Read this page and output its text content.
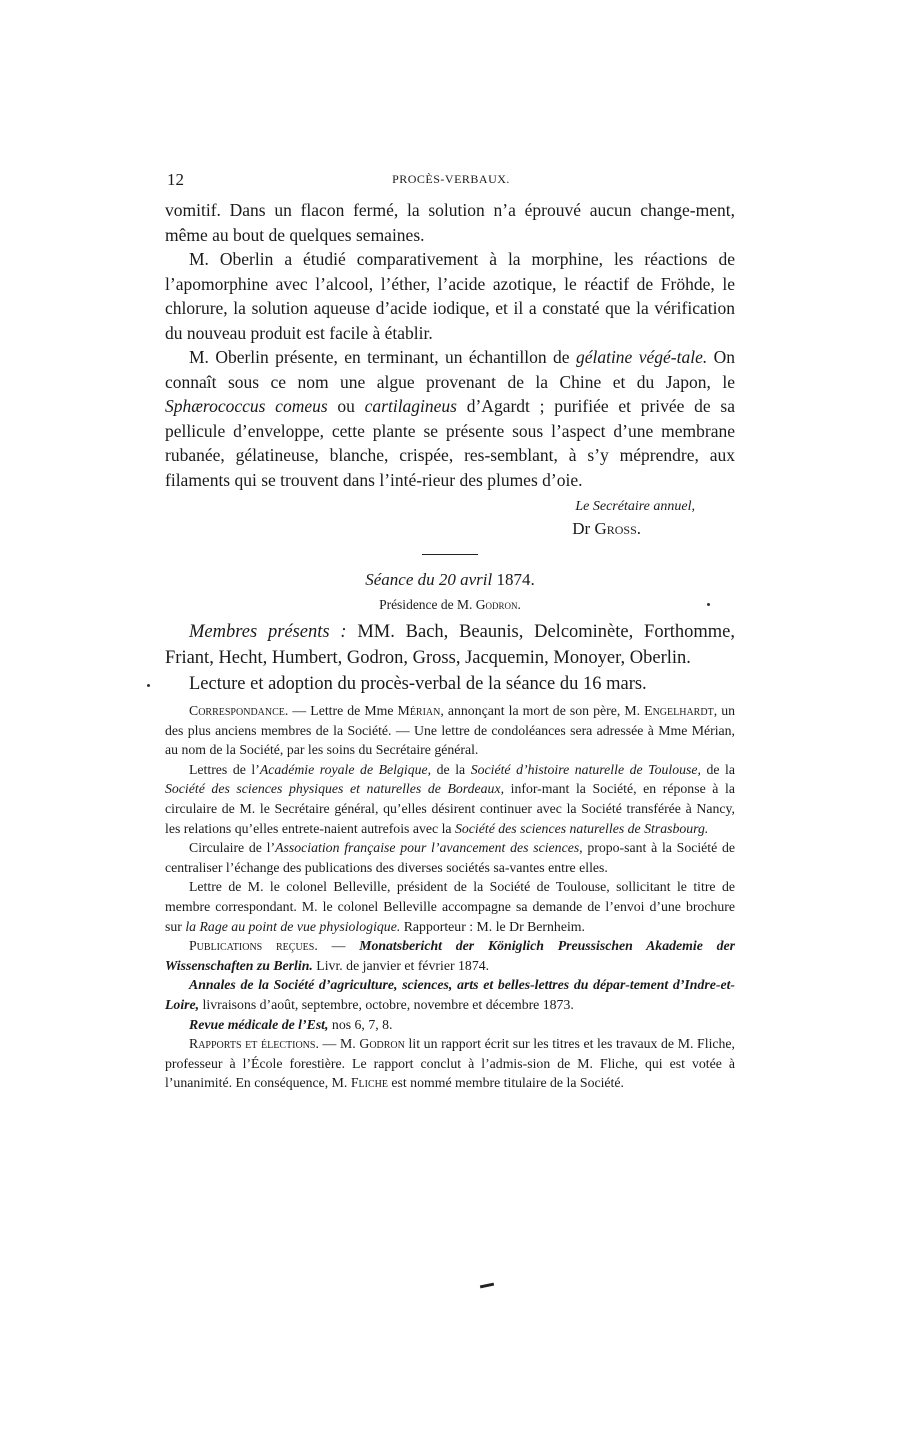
12	PROCÈS-VERBAUX.

vomitif. Dans un flacon fermé, la solution n’a éprouvé aucun change-ment, même au bout de quelques semaines.

M. Oberlin a étudié comparativement à la morphine, les réactions de l’apomorphine avec l’alcool, l’éther, l’acide azotique, le réactif de Fröhde, le chlorure, la solution aqueuse d’acide iodique, et il a constaté que la vérification du nouveau produit est facile à établir.

M. Oberlin présente, en terminant, un échantillon de gélatine végé-tale. On connaît sous ce nom une algue provenant de la Chine et du Japon, le Sphærococcus comeus ou cartilagineus d’Agardt ; purifiée et privée de sa pellicule d’enveloppe, cette plante se présente sous l’aspect d’une membrane rubanée, gélatineuse, blanche, crispée, res-semblant, à s’y méprendre, aux filaments qui se trouvent dans l’inté-rieur des plumes d’oie.

Le Secrétaire annuel,
Dr Gross.
Séance du 20 avril 1874.
Présidence de M. Godron.

Membres présents : MM. Bach, Beaunis, Delcominète, Forthomme, Friant, Hecht, Humbert, Godron, Gross, Jacquemin, Monoyer, Oberlin.

Lecture et adoption du procès-verbal de la séance du 16 mars.

Correspondance. — Lettre de Mme Mérian, annonçant la mort de son père, M. Engelhardt, un des plus anciens membres de la Société. — Une lettre de condoléances sera adressée à Mme Mérian, au nom de la Société, par les soins du Secrétaire général.

Lettres de l’Académie royale de Belgique, de la Société d’histoire naturelle de Toulouse, de la Société des sciences physiques et naturelles de Bordeaux, infor-mant la Société, en réponse à la circulaire de M. le Secrétaire général, qu’elles désirent continuer avec la Société transférée à Nancy, les relations qu’elles entrete-naient autrefois avec la Société des sciences naturelles de Strasbourg.

Circulaire de l’Association française pour l’avancement des sciences, propo-sant à la Société de centraliser l’échange des publications des diverses sociétés sa-vantes entre elles.

Lettre de M. le colonel Belleville, président de la Société de Toulouse, sollicitant le titre de membre correspondant. M. le colonel Belleville accompagne sa demande de l’envoi d’une brochure sur la Rage au point de vue physiologique. Rapporteur : M. le Dr Bernheim.

Publications reçues. — Monatsbericht der Königlich Preussischen Akademie der Wissenschaften zu Berlin. Livr. de janvier et février 1874.

Annales de la Société d’agriculture, sciences, arts et belles-lettres du dépar-tement d’Indre-et-Loire, livraisons d’août, septembre, octobre, novembre et décembre 1873.

Revue médicale de l’Est, nos 6, 7, 8.

Rapports et élections. — M. Godron lit un rapport écrit sur les titres et les travaux de M. Fliche, professeur à l’École forestière. Le rapport conclut à l’admis-sion de M. Fliche, qui est votée à l’unanimité. En conséquence, M. Fliche est nommé membre titulaire de la Société.
